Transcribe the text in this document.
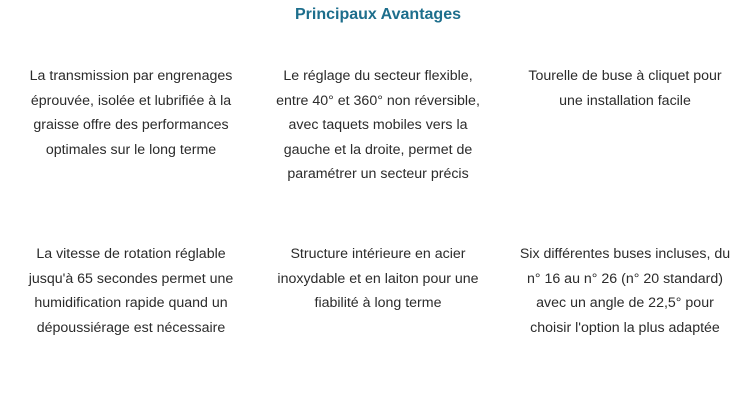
Principaux Avantages

La transmission par engrenages éprouvée, isolée et lubrifiée à la graisse offre des performances optimales sur le long terme

Le réglage du secteur flexible, entre 40° et 360° non réversible, avec taquets mobiles vers la gauche et la droite, permet de paramétrer un secteur précis

Tourelle de buse à cliquet pour une installation facile

La vitesse de rotation réglable jusqu'à 65 secondes permet une humidification rapide quand un dépoussiérage est nécessaire

Structure intérieure en acier inoxydable et en laiton pour une fiabilité à long terme

Six différentes buses incluses, du n° 16 au n° 26 (n° 20 standard) avec un angle de 22,5° pour choisir l'option la plus adaptée
